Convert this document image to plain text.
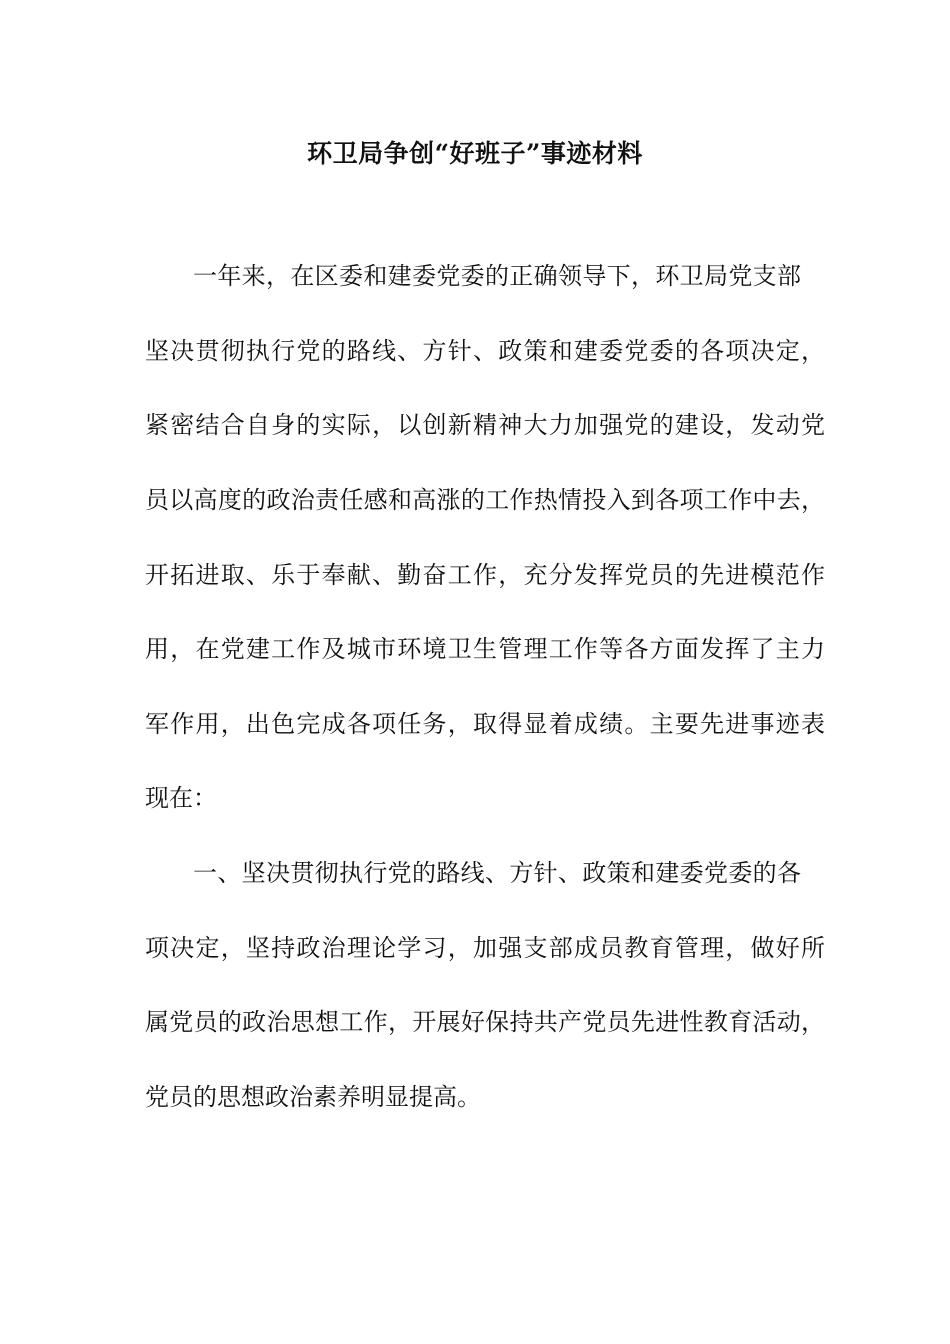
环卫局争创“好班子”事迹材料
一年来，在区委和建委党委的正确领导下，环卫局党支部
坚决贯彻执行党的路线、方针、政策和建委党委的各项决定，
紧密结合自身的实际，以创新精神大力加强党的建设，发动党
员以高度的政治责任感和高涨的工作热情投入到各项工作中去，
开拓进取、乐于奉献、勤奋工作，充分发挥党员的先进模范作
用，在党建工作及城市环境卫生管理工作等各方面发挥了主力
军作用，出色完成各项任务，取得显着成绩。主要先进事迹表
现在：
一、坚决贯彻执行党的路线、方针、政策和建委党委的各
项决定，坚持政治理论学习，加强支部成员教育管理，做好所
属党员的政治思想工作，开展好保持共产党员先进性教育活动，
党员的思想政治素养明显提高。
